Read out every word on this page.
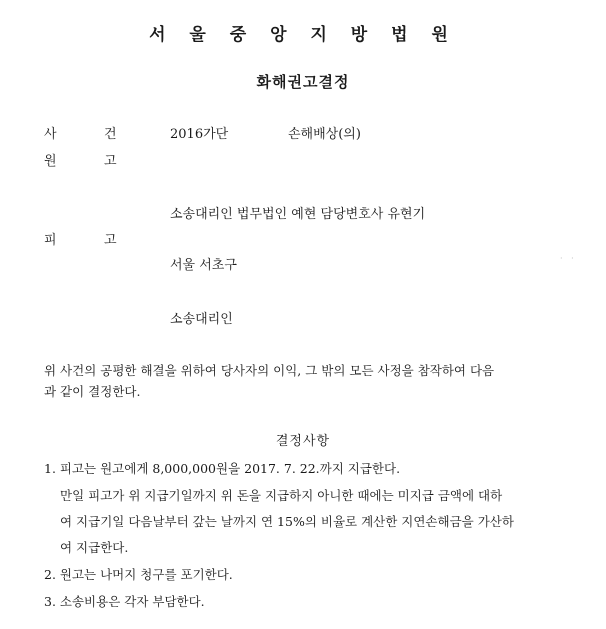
서 울 중 앙 지 방 법 원
화해권고결정
사	건	2016가단	손해배상(의)
원	고
소송대리인 법무법인 예현 담당변호사 유현기
피	고
서울 서초구
소송대리인
· ·
위 사건의 공평한 해결을 위하여 당사자의 이익, 그 밖의 모든 사정을 참작하여 다음
과 같이 결정한다.
결정사항
1. 피고는 원고에게 8,000,000원을 2017. 7. 22.까지 지급한다.
만일 피고가 위 지급기일까지 위 돈을 지급하지 아니한 때에는 미지급 금액에 대하
여 지급기일 다음날부터 갚는 날까지 연 15%의 비율로 계산한 지연손해금을 가산하
여 지급한다.
2. 원고는 나머지 청구를 포기한다.
3. 소송비용은 각자 부담한다.
